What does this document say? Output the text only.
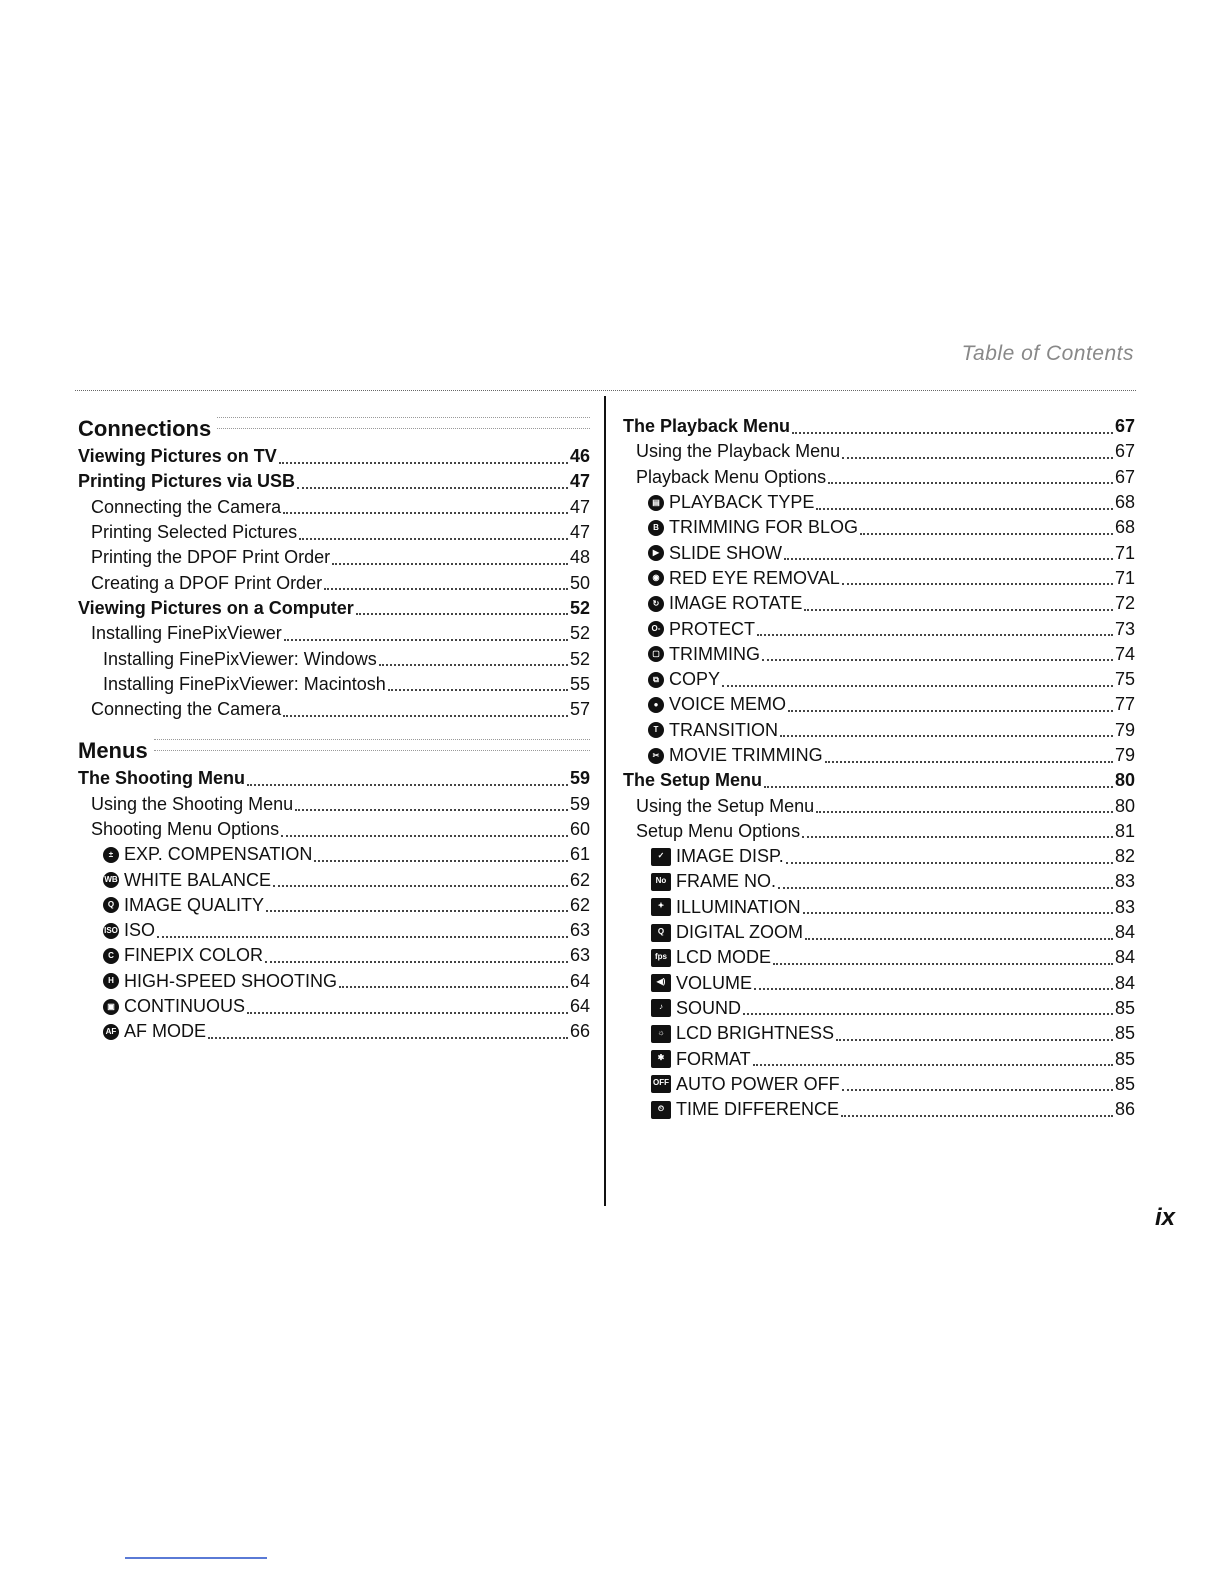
Table of Contents
Connections
Viewing Pictures on TV	46
Printing Pictures via USB	47
Connecting the Camera	47
Printing Selected Pictures	47
Printing the DPOF Print Order	48
Creating a DPOF Print Order	50
Viewing Pictures on a Computer	52
Installing FinePixViewer	52
Installing FinePixViewer: Windows	52
Installing FinePixViewer: Macintosh	55
Connecting the Camera	57
Menus
The Shooting Menu	59
Using the Shooting Menu	59
Shooting Menu Options	60
± EXP. COMPENSATION	61
WB WHITE BALANCE	62
Q IMAGE QUALITY	62
ISO ISO	63
C FINEPIX COLOR	63
H HIGH-SPEED SHOOTING	64
▣ CONTINUOUS	64
AF AF MODE	66
The Playback Menu	67
Using the Playback Menu	67
Playback Menu Options	67
▤ PLAYBACK TYPE	68
B TRIMMING FOR BLOG	68
▶ SLIDE SHOW	71
◉ RED EYE REMOVAL	71
↻ IMAGE ROTATE	72
O- PROTECT	73
▢ TRIMMING	74
⧉ COPY	75
● VOICE MEMO	77
T TRANSITION	79
✂ MOVIE TRIMMING	79
The Setup Menu	80
Using the Setup Menu	80
Setup Menu Options	81
✓ IMAGE DISP.	82
No FRAME NO.	83
✦ ILLUMINATION	83
Q DIGITAL ZOOM	84
fps LCD MODE	84
◀) VOLUME	84
♪ SOUND	85
☼ LCD BRIGHTNESS	85
✱ FORMAT	85
OFF AUTO POWER OFF	85
⏲ TIME DIFFERENCE	86
ix
